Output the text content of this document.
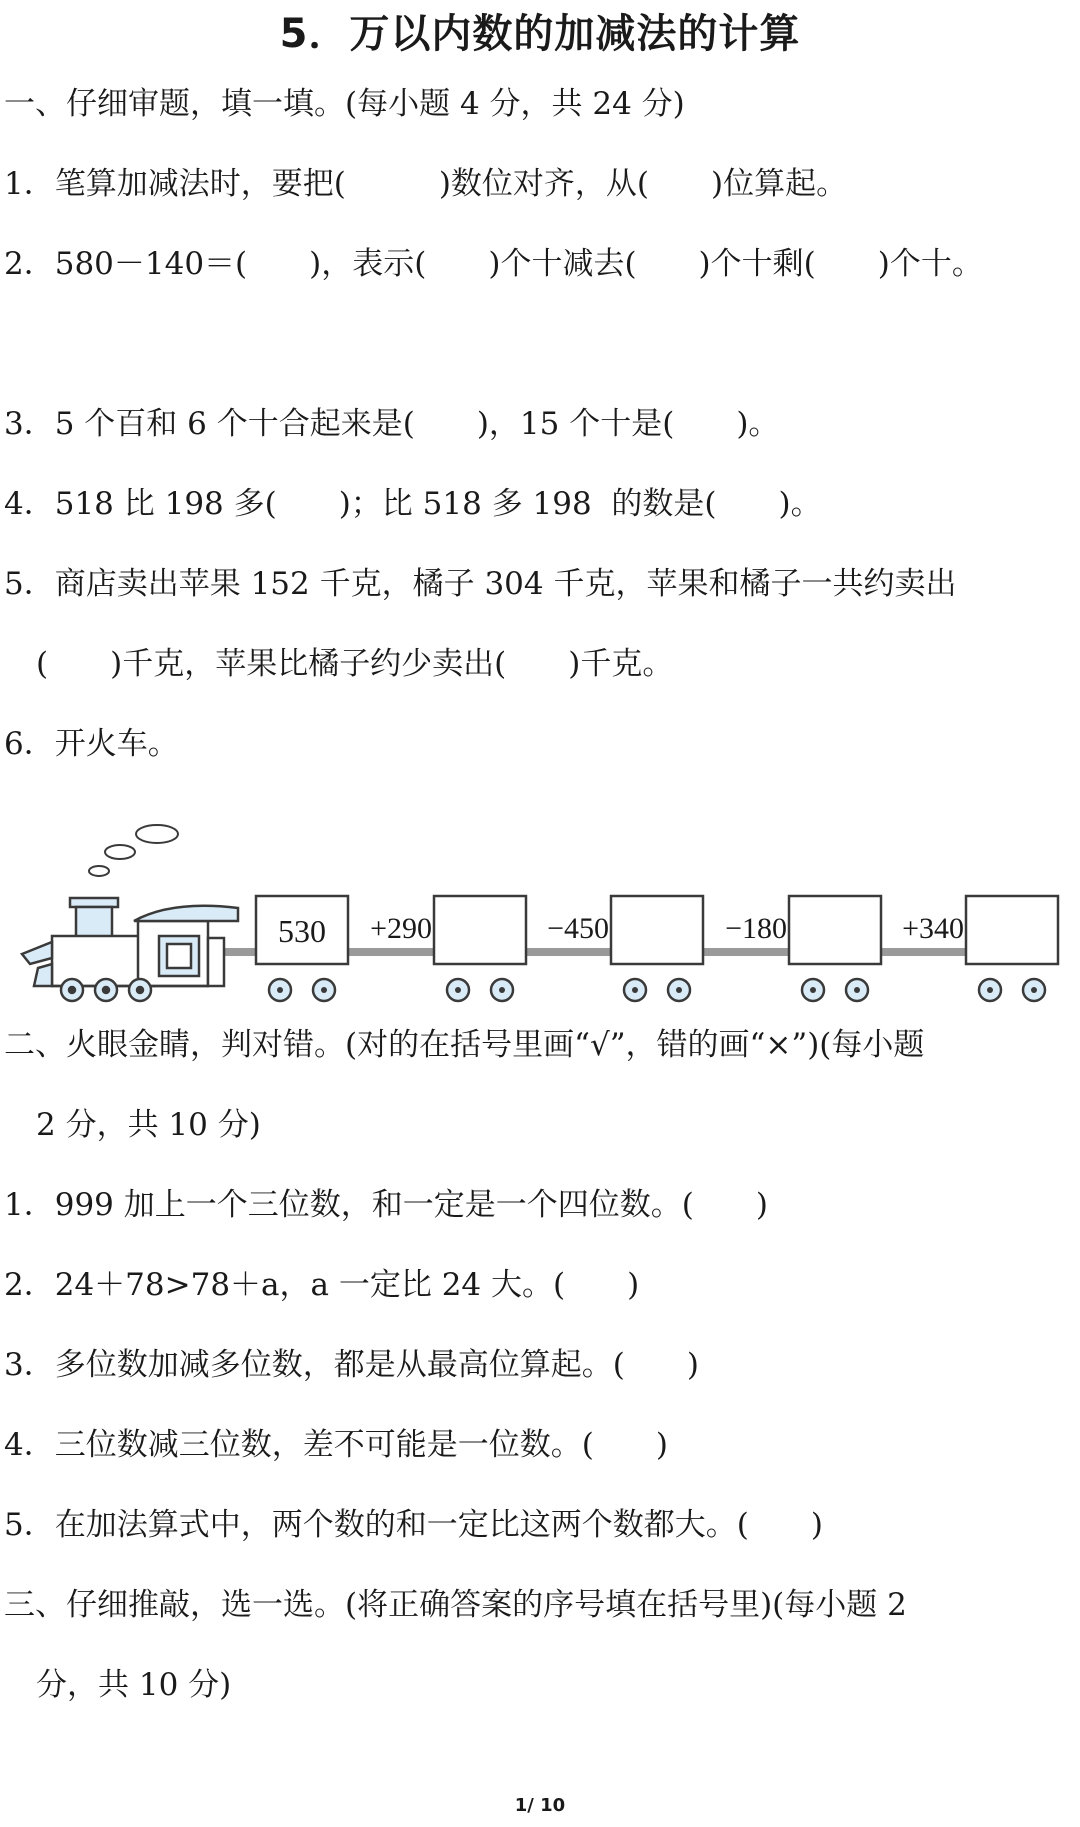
5．万以内数的加减法的计算
一、仔细审题，填一填。(每小题 4 分，共 24 分)
1．笔算加减法时，要把(　　　)数位对齐，从(　　)位算起。
2．580－140＝(　　)，表示(　　)个十减去(　　)个十剩(　　)个十。
3．5 个百和 6 个十合起来是(　　)，15 个十是(　　)。
4．518 比 198 多(　　)；比 518 多 198  的数是(　　)。
5．商店卖出苹果 152 千克，橘子 304 千克，苹果和橘子一共约卖出
(　　)千克，苹果比橘子约少卖出(　　)千克。
6．开火车。
530 +290	−450	−180	+340
二、火眼金睛，判对错。(对的在括号里画“√”，错的画“×”)(每小题
2 分，共 10 分)
1．999 加上一个三位数，和一定是一个四位数。(　　)
2．24＋78>78＋a，a 一定比 24 大。(　　)
3．多位数加减多位数，都是从最高位算起。(　　)
4．三位数减三位数，差不可能是一位数。(　　)
5．在加法算式中，两个数的和一定比这两个数都大。(　　)
三、仔细推敲，选一选。(将正确答案的序号填在括号里)(每小题 2
分，共 10 分)
1/ 10
